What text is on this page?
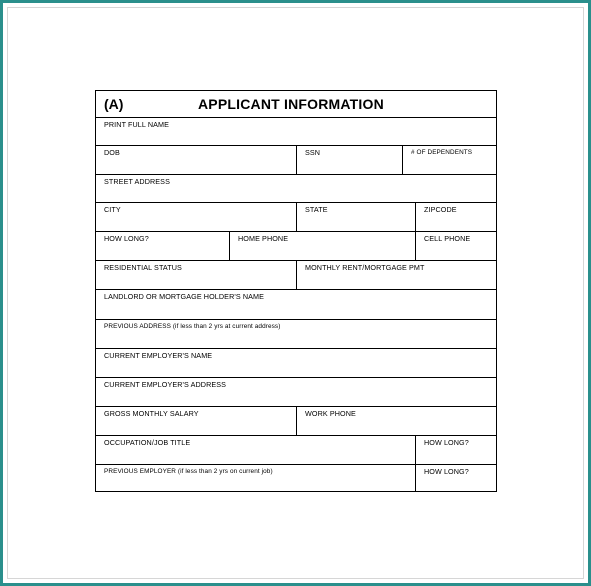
(A)	APPLICANT INFORMATION
PRINT FULL NAME
DOB	SSN	# OF DEPENDENTS
STREET ADDRESS
CITY	STATE	ZIPCODE
HOW LONG?	HOME PHONE	CELL PHONE
RESIDENTIAL STATUS	MONTHLY RENT/MORTGAGE PMT
LANDLORD OR MORTGAGE HOLDER'S NAME
PREVIOUS ADDRESS (if less than 2 yrs at current address)
CURRENT EMPLOYER'S NAME
CURRENT EMPLOYER'S ADDRESS
GROSS MONTHLY SALARY	WORK PHONE
OCCUPATION/JOB TITLE	HOW LONG?
PREVIOUS EMPLOYER (if less than 2 yrs on current job)	HOW LONG?
